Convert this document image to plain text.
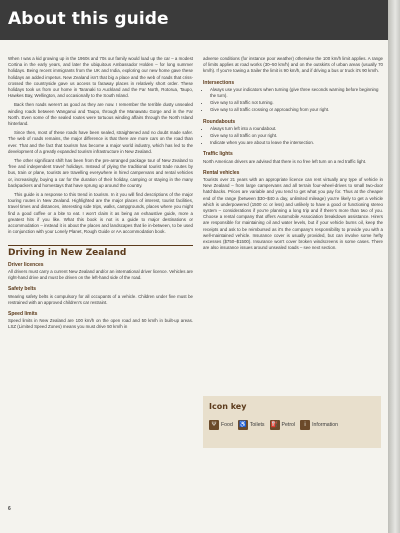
About this guide

When I was a kid growing up in the 1960s and 70s our family would load up the car – a modest Cortina in the early years, and later the ubiquitous Ambassador Holden – for long summer holidays. Being recent immigrants from the UK and India, exploring our new home gave these holidays an added impetus. New Zealand isn't that big a place and the web of roads that criss-crossed the countryside gave us access to faraway places in relatively short order. These holidays took us from our home in Taranaki to Auckland and the Far North, Rotorua, Taupo, Hawkes Bay, Wellington, and occasionally to the South Island.

Back then roads weren't as good as they are now. I remember the terrible dusty unsealed winding roads between Wanganui and Taupo, through the Manawatu Gorge and in the Far North. Even some of the sealed routes were tortuous winding affairs through the North Island hinterland.

Since then, most of these roads have been sealed, straightened and no doubt made safer. The web of roads remains, the major difference is that there are more cars on the road than ever. That and the fact that tourism has become a major world industry, which has led to the development of a greatly expanded tourism infrastructure in New Zealand.

The other significant shift has been from the pre-arranged package tour of New Zealand to 'free and independent travel' holidays. Instead of plying the traditional tourist trade routes by bus, train or plane, tourists are travelling everywhere in hired campervans and rental vehicles or, increasingly, buying a car for the duration of their holiday, camping or staying in the many backpackers and homestays that have sprung up around the country.

This guide is a response to this trend in tourism. In it you will find descriptions of the major touring routes in New Zealand. Highlighted are the major places of interest, tourist facilities, travel times and distances, interesting side trips, walks, campgrounds, places where you might find a good coffee or a bite to eat. I won't claim it as being an exhaustive guide, more a greatest hits if you like. What this book is not is a guide to major destinations or accommodation – instead it is about the places and landscapes that lie in-between, to be used in conjunction with your Lonely Planet, Rough Guide or AA accommodation book.

Driving in New Zealand
Driver licences

All drivers must carry a current New Zealand and/or an international driver licence. Vehicles are right-hand drive and must be driven on the left-hand side of the road.

Safety belts

Wearing safety belts is compulsory for all occupants of a vehicle. Children under five must be restrained with an approved children's car restraint.

Speed limits

Speed limits in New Zealand are 100 km/h on the open road and 50 km/h in built-up areas. LSZ (Limited Speed Zones) means you must drive 50 km/h in

adverse conditions (for instance poor weather) otherwise the 100 km/h limit applies. A range of limits applies at road works (30–50 km/h) and on the outskirts of urban areas (usually 70 km/h). If you're towing a trailer the limit is 90 km/h, and if driving a bus or truck it's 90 km/h.

Intersections
• Always use your indicators when turning (give three seconds warning before beginning the turn).
• Give way to all traffic not turning.
• Give way to all traffic crossing or approaching from your right.
Roundabouts
• Always turn left into a roundabout.
• Give way to all traffic on your right.
• Indicate when you are about to leave the intersection.
Traffic lights

North American drivers are advised that there is no free left turn on a red traffic light.

Rental vehicles

Tourists over 21 years with an appropriate licence can rent virtually any type of vehicle in New Zealand – from large campervans and all terrain four-wheel-drives to small two-door hatchbacks. Prices are variable and you tend to get what you pay for. Thus at the cheaper end of the range (between $30–$40 a day, unlimited mileage) you're likely to get a vehicle which is underpowered (1500 cc or less) and unlikely to have a good or functioning stereo system – considerations if you're planning a long trip and if there's more than two of you. Choose a rental company that offers Automobile Association breakdown assistance. Hirers are responsible for maintaining oil and water levels, but if your vehicle burns oil, keep the receipts and ask to be reimbursed as it's the company's responsibility to provide you with a well-maintained vehicle. Insurance cover is usually provided, but can involve some hefty excesses ($750–$1500). Insurance won't cover broken windscreens in some cases. There are also insurance issues around unsealed roads – see next section.

Icon key
Ψ Food ♿ Toilets ⛽ Petrol	i	Information
6
